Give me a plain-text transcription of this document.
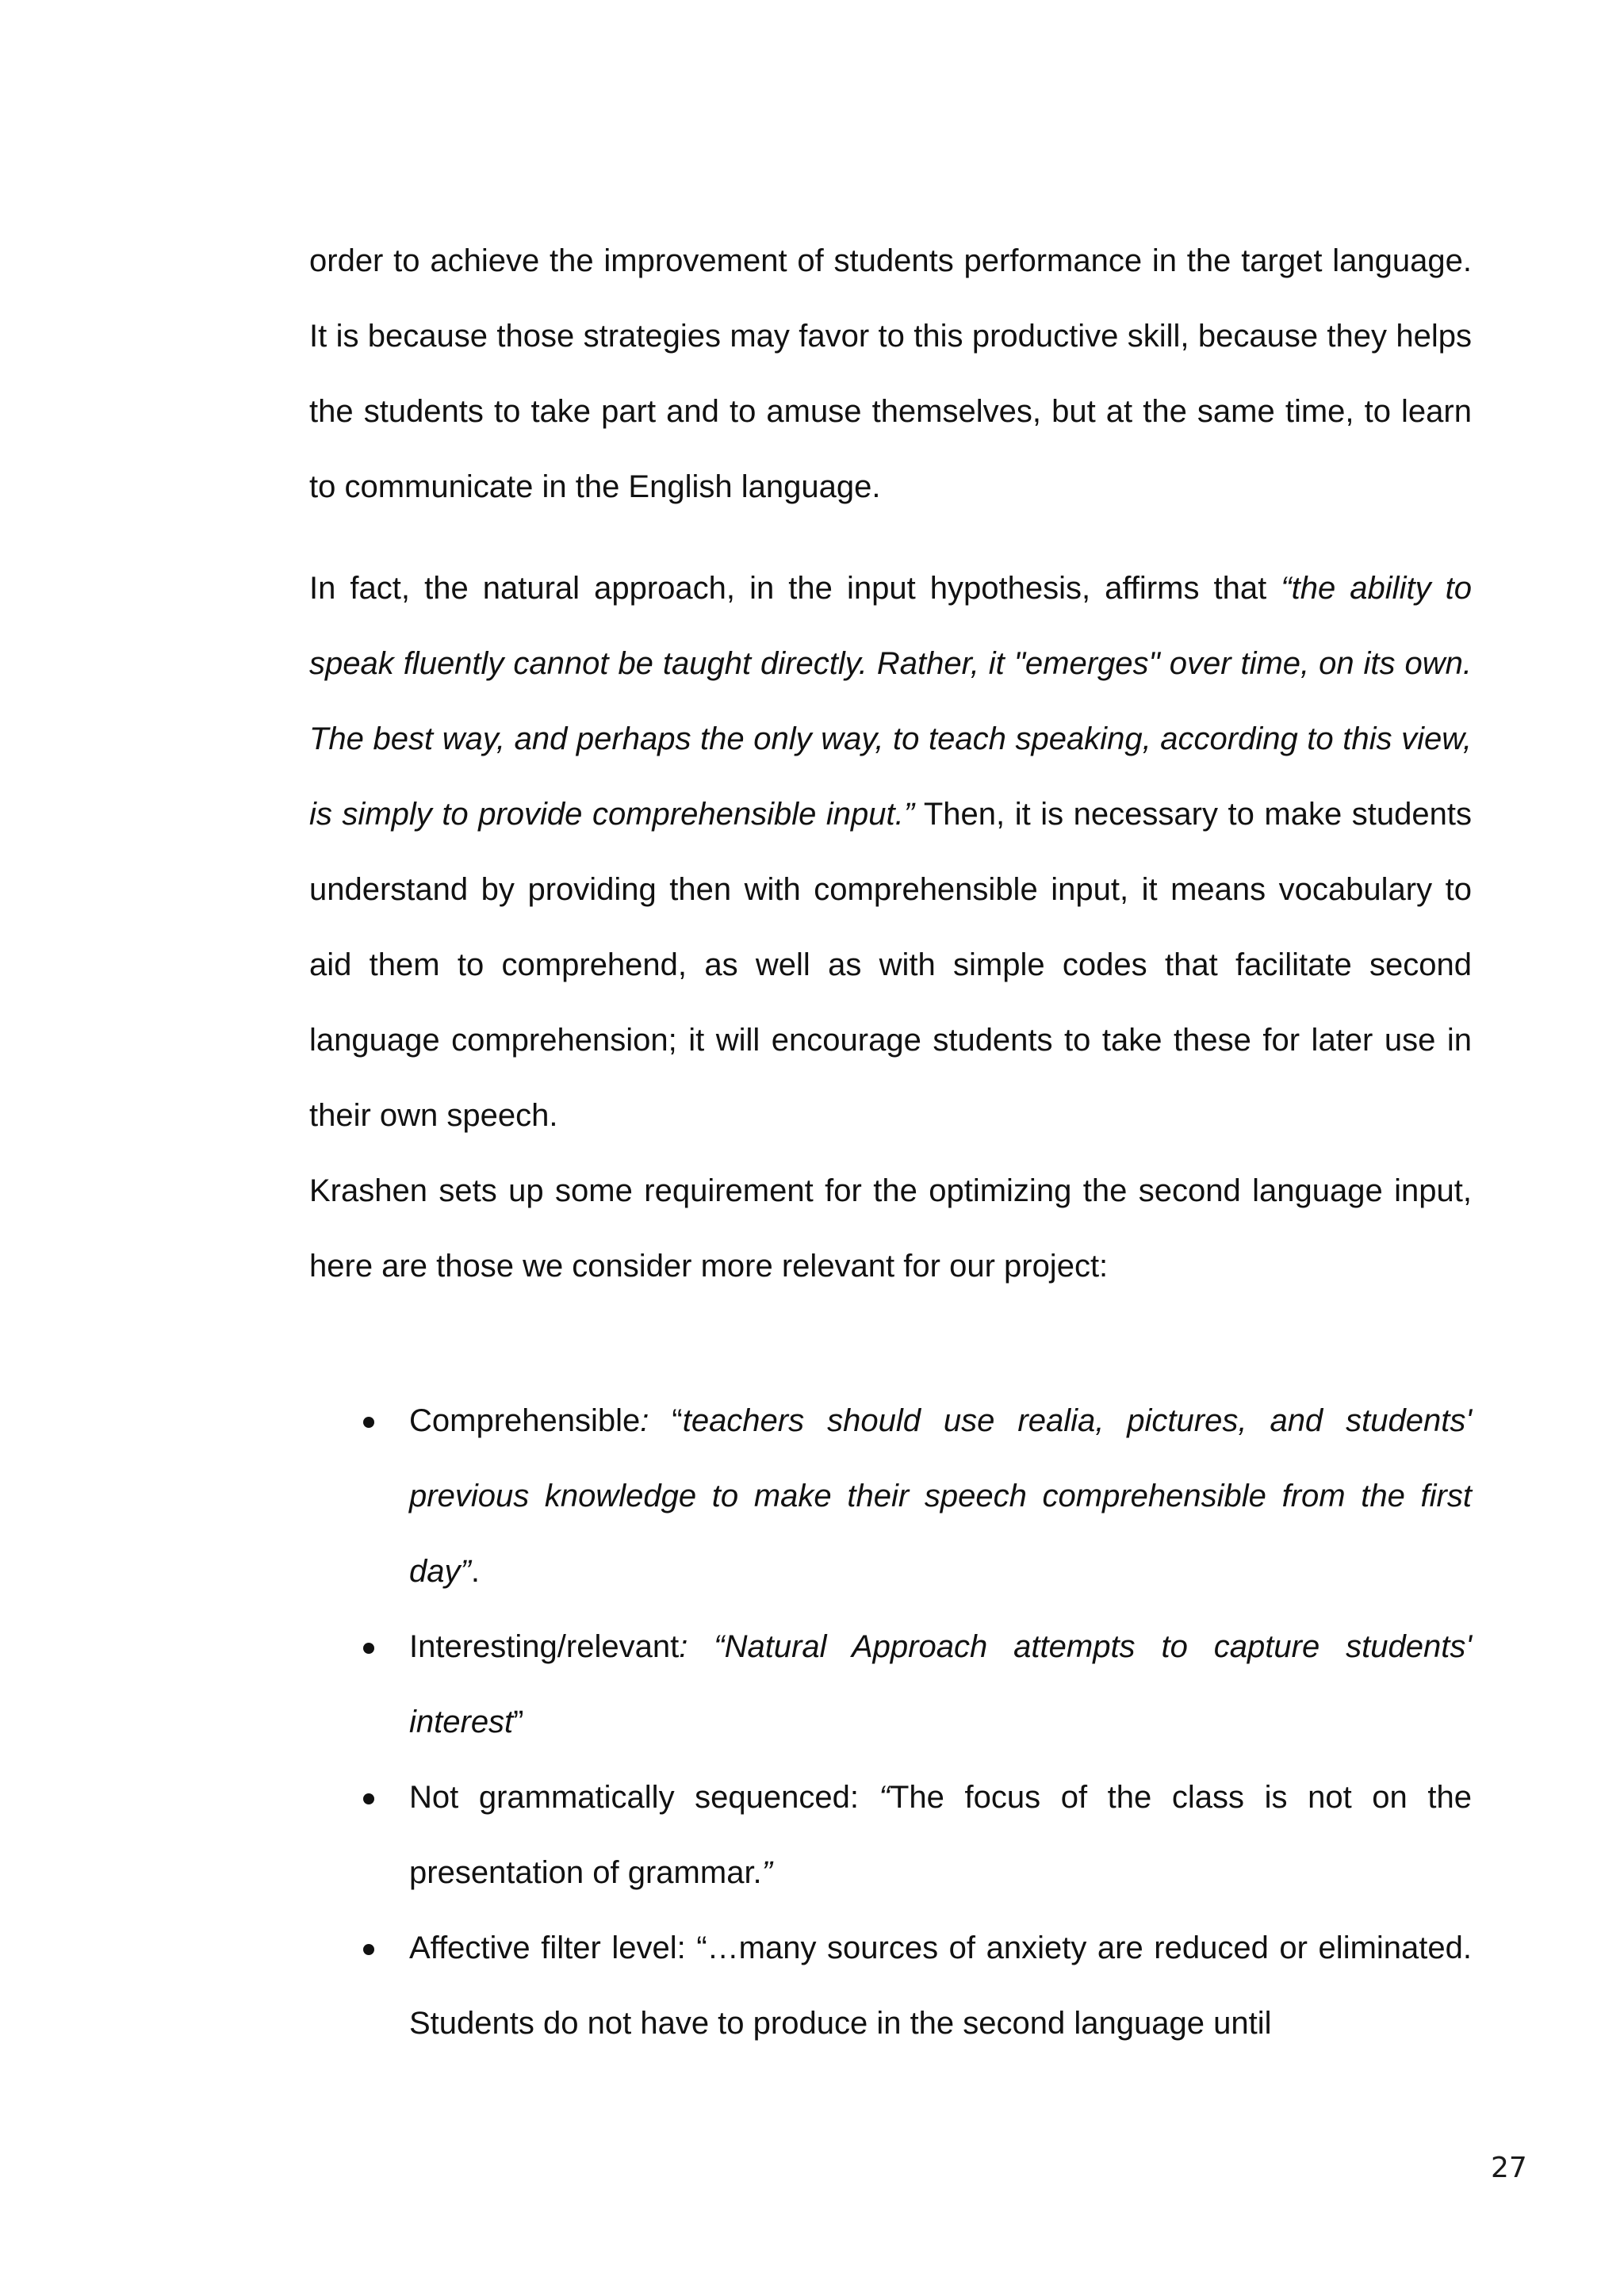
order to achieve the improvement of students performance in the target language. It is because those strategies may favor to this productive skill, because they helps the students to take part and to amuse themselves, but at the same time, to learn to communicate in the English language.

In fact, the natural approach, in the input hypothesis, affirms that “the ability to speak fluently cannot be taught directly. Rather, it "emerges" over time, on its own. The best way, and perhaps the only way, to teach speaking, according to this view, is simply to provide comprehensible input.” Then, it is necessary to make students understand by providing then with comprehensible input, it means vocabulary to aid them to comprehend, as well as with simple codes that facilitate second language comprehension; it will encourage students to take these for later use in their own speech.

Krashen sets up some requirement for the optimizing the second language input, here are those we consider more relevant for our project:

Comprehensible: “teachers should use realia, pictures, and students' previous knowledge to make their speech comprehensible from the first day”.
Interesting/relevant: “Natural Approach attempts to capture students' interest”
Not grammatically sequenced: “The focus of the class is not on the presentation of grammar.”
Affective filter level: “…many sources of anxiety are reduced or eliminated. Students do not have to produce in the second language until
27
